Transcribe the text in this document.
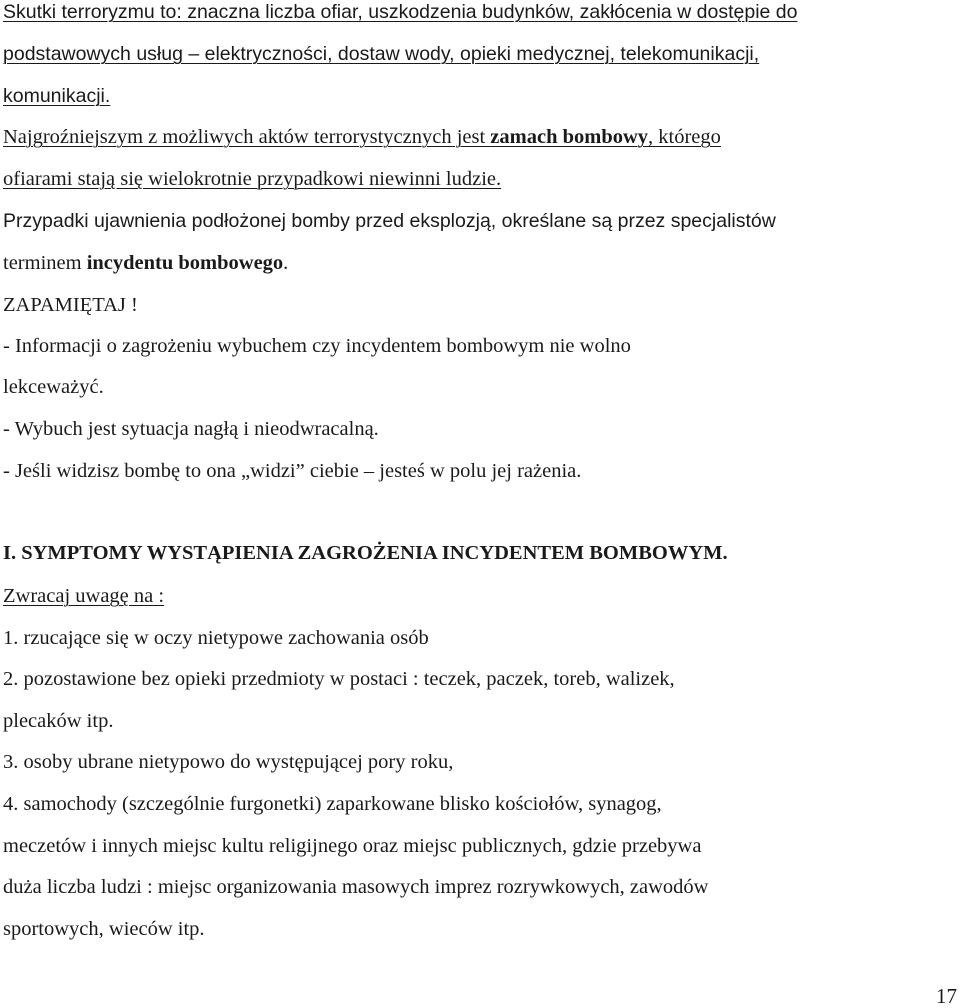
Skutki terroryzmu to: znaczna liczba ofiar, uszkodzenia budynków, zakłócenia w dostępie do
podstawowych usług – elektryczności, dostaw wody, opieki medycznej, telekomunikacji,
komunikacji.
Najgroźniejszym z możliwych aktów terrorystycznych jest zamach bombowy, którego
ofiarami stają się wielokrotnie przypadkowi niewinni ludzie.
Przypadki ujawnienia podłożonej bomby przed eksplozją, określane są przez specjalistów
terminem incydentu bombowego.
ZAPAMIĘTAJ !
- Informacji o zagrożeniu wybuchem czy incydentem bombowym nie wolno
lekceważyć.
- Wybuch jest sytuacja nagłą i nieodwracalną.
- Jeśli widzisz bombę to ona „widzi” ciebie – jesteś w polu jej rażenia.
I. SYMPTOMY WYSTĄPIENIA ZAGROŻENIA INCYDENTEM BOMBOWYM.
Zwracaj uwagę na :
1. rzucające się w oczy nietypowe zachowania osób
2. pozostawione bez opieki przedmioty w postaci : teczek, paczek, toreb, walizek,
plecaków itp.
3. osoby ubrane nietypowo do występującej pory roku,
4. samochody (szczególnie furgonetki) zaparkowane blisko kościołów, synagog,
meczetów i innych miejsc kultu religijnego oraz miejsc publicznych, gdzie przebywa
duża liczba ludzi : miejsc organizowania masowych imprez rozrywkowych, zawodów
sportowych, wieców itp.
17
